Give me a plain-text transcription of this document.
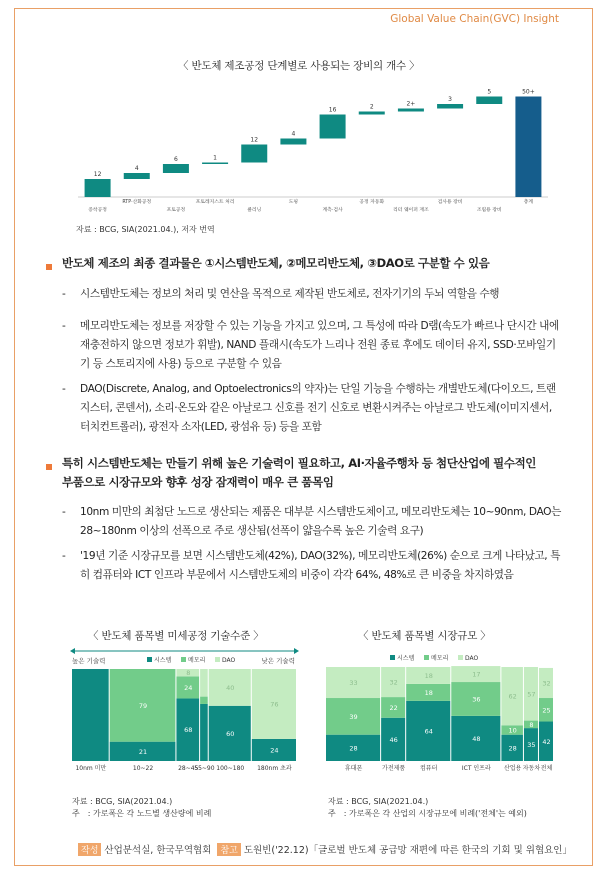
Global Value Chain(GVC) Insight
〈 반도체 제조공정 단계별로 사용되는 장비의 개수 〉
12
증착공정
4
RTP·산화공정
6
포토공정
1
포토레지스트 처리
12
클리닝
4
도핑
16
계측·검사
2
공정 자동화
2+
리터 웨이퍼 재조
3
검사용 장비
5
조립용 장비
50+
총계
자료 : BCG, SIA(2021.04.), 저자 번역
반도체 제조의 최종 결과물은 ①시스템반도체, ②메모리반도체, ③DAO로 구분할 수 있음
- 시스템반도체는 정보의 처리 및 연산을 목적으로 제작된 반도체로, 전자기기의 두뇌 역할을 수행
- 메모리반도체는 정보를 저장할 수 있는 기능을 가지고 있으며, 그 특성에 따라 D램(속도가 빠르나 단시간 내에 재충전하지 않으면 정보가 휘발), NAND 플래시(속도가 느리나 전원 종료 후에도 데이터 유지, SSD·모바일기기 등 스토리지에 사용) 등으로 구분할 수 있음
- DAO(Discrete, Analog, and Optoelectronics의 약자)는 단일 기능을 수행하는 개별반도체(다이오드, 트랜지스터, 콘덴서), 소리·온도와 같은 아날로그 신호를 전기 신호로 변환시켜주는 아날로그 반도체(이미지센서, 터치컨트롤러), 광전자 소자(LED, 광섬유 등) 등을 포함
특히 시스템반도체는 만들기 위해 높은 기술력이 필요하고, AI·자율주행차 등 첨단산업에 필수적인
부품으로 시장규모와 향후 성장 잠재력이 매우 큰 품목임
- 10nm 미만의 최첨단 노드로 생산되는 제품은 대부분 시스템반도체이고, 메모리반도체는 10~90nm, DAO는 28~180nm 이상의 선폭으로 주로 생산됨(선폭이 얇을수록 높은 기술력 요구)
- '19년 기준 시장규모를 보면 시스템반도체(42%), DAO(32%), 메모리반도체(26%) 순으로 크게 나타났고, 특히 컴퓨터와 ICT 인프라 부문에서 시스템반도체의 비중이 각각 64%, 48%로 큰 비중을 차지하였음
〈 반도체 품목별 미세공정 기술수준 〉
높은 기술력	낮은 기술력
시스템	메모리	DAO
10nm 미만
21
79
10~22
68
24
8
28~45
55~90
60
40
100~180
24
76
180nm 초과
자료 : BCG, SIA(2021.04.)
주　: 가로폭은 각 노드별 생산량에 비례
〈 반도체 품목별 시장규모 〉
시스템	메모리	DAO
28
39
33
휴대폰
46
22
32
가전제품
64
18
18
컴퓨터
48
36
17
ICT 인프라
28
10
62
산업용
35
8
57
자동차
42
25
32
전체
자료 : BCG, SIA(2021.04.)
주　: 가로폭은 각 산업의 시장규모에 비례('전체'는 예외)
작성 산업분석실, 한국무역협회 참고 도원빈('22.12)「글로벌 반도체 공급망 재편에 따른 한국의 기회 및 위협요인」
